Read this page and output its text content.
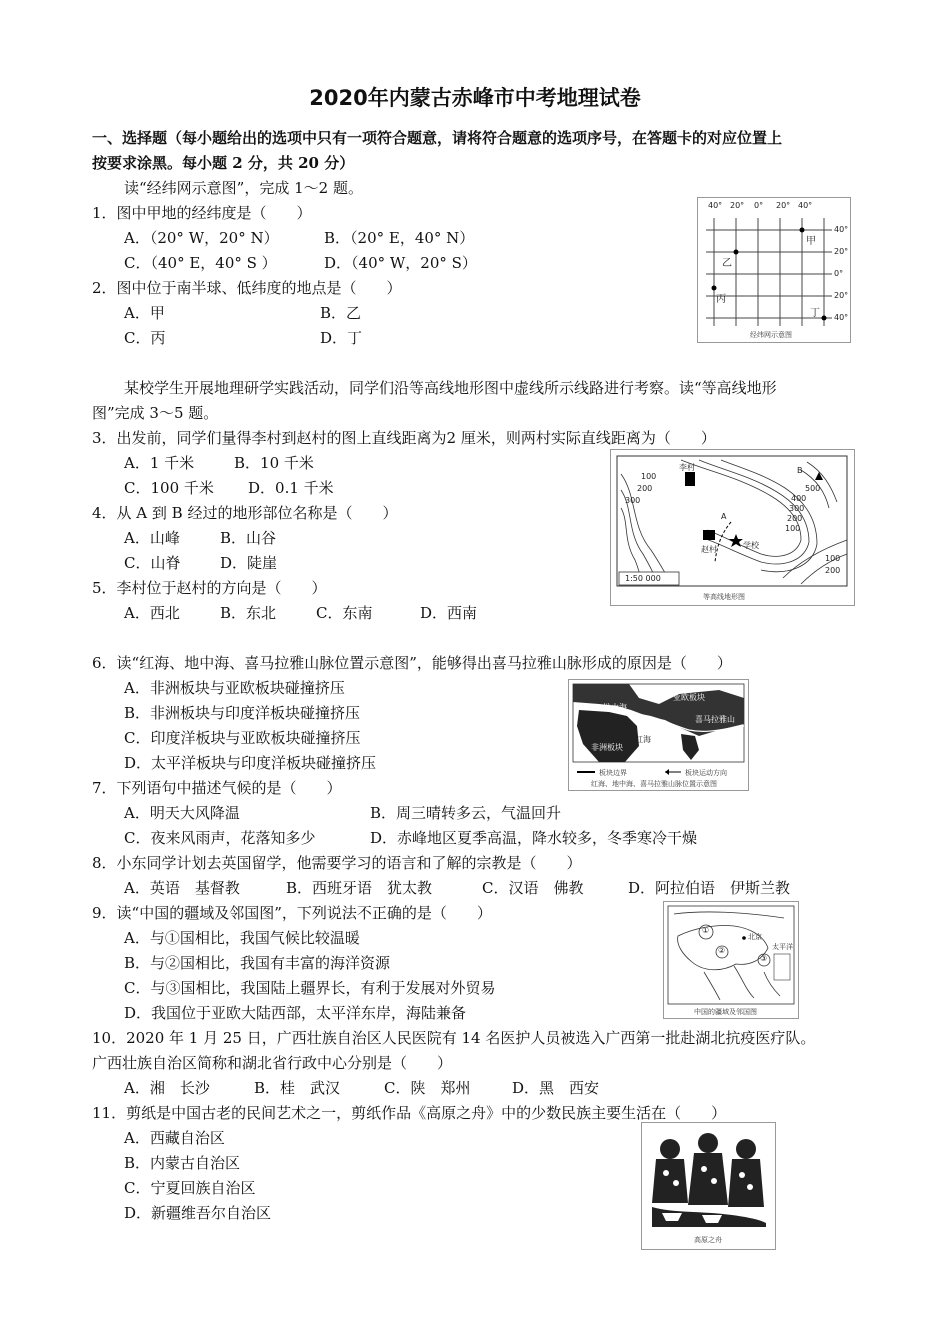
2020年内蒙古赤峰市中考地理试卷
一、选择题（每小题给出的选项中只有一项符合题意，请将符合题意的选项序号，在答题卡的对应位置上
按要求涂黑。每小题 2 分，共 20 分）
读“经纬网示意图”，完成 1～2 题。
1．图中甲地的经纬度是（　　）
A．（20° W，20° N）	B．（20° E，40° N）
C．（40° E，40° S ）	D．（40° W，20° S）
2．图中位于南半球、低纬度的地点是（　　）
A．甲	B．乙
C．丙	D．丁
40° 20° 0° 20° 40°
40°
20°
0°
20°
40°
甲
乙
丙
丁
经纬网示意图
某校学生开展地理研学实践活动，同学们沿等高线地形图中虚线所示线路进行考察。读“等高线地形
图”完成 3～5 题。
3．出发前，同学们量得李村到赵村的图上直线距离为2 厘米，则两村实际直线距离为（　　）
A．1 千米	B．10 千米
C．100 千米 D．0.1 千米
4．从 A 到 B 经过的地形部位名称是（　　）
A．山峰	B．山谷
C．山脊	D．陡崖
5．李村位于赵村的方向是（　　）
A．西北	B．东北	C．东南	D．西南
100
200
300
李村
A
B
500
400
300
200
100
赵村	学校
100
200
1:50 000
等高线地形图
6．读“红海、地中海、喜马拉雅山脉位置示意图”，能够得出喜马拉雅山脉形成的原因是（　　）
A．非洲板块与亚欧板块碰撞挤压
B．非洲板块与印度洋板块碰撞挤压
C．印度洋板块与亚欧板块碰撞挤压
D．太平洋板块与印度洋板块碰撞挤压
亚欧板块
非洲板块
红海
地中海
喜马拉雅山
板块边界	板块运动方向
红海、地中海、喜马拉雅山脉位置示意图
7．下列语句中描述气候的是（　　）
A．明天大风降温	B．周三晴转多云，气温回升
C．夜来风雨声，花落知多少	D．赤峰地区夏季高温，降水较多，冬季寒冷干燥
8．小东同学计划去英国留学，他需要学习的语言和了解的宗教是（　　）
A．英语　基督教	B．西班牙语　犹太教	C．汉语　佛教	D．阿拉伯语　伊斯兰教
9．读“中国的疆域及邻国图”，下列说法不正确的是（　　）
A．与①国相比，我国气候比较温暖
B．与②国相比，我国有丰富的海洋资源
C．与③国相比，我国陆上疆界长，有利于发展对外贸易
D．我国位于亚欧大陆西部，太平洋东岸，海陆兼备
①
②
③
北京
太平洋
中国的疆域及邻国图
10．2020 年 1 月 25 日，广西壮族自治区人民医院有 14 名医护人员被选入广西第一批赴湖北抗疫医疗队。
广西壮族自治区简称和湖北省行政中心分别是（　　）
A．湘　长沙	B．桂　武汉	C．陕　郑州	D．黑　西安
11．剪纸是中国古老的民间艺术之一，剪纸作品《高原之舟》中的少数民族主要生活在（　　）
A．西藏自治区
B．内蒙古自治区
C．宁夏回族自治区
D．新疆维吾尔自治区
高原之舟
